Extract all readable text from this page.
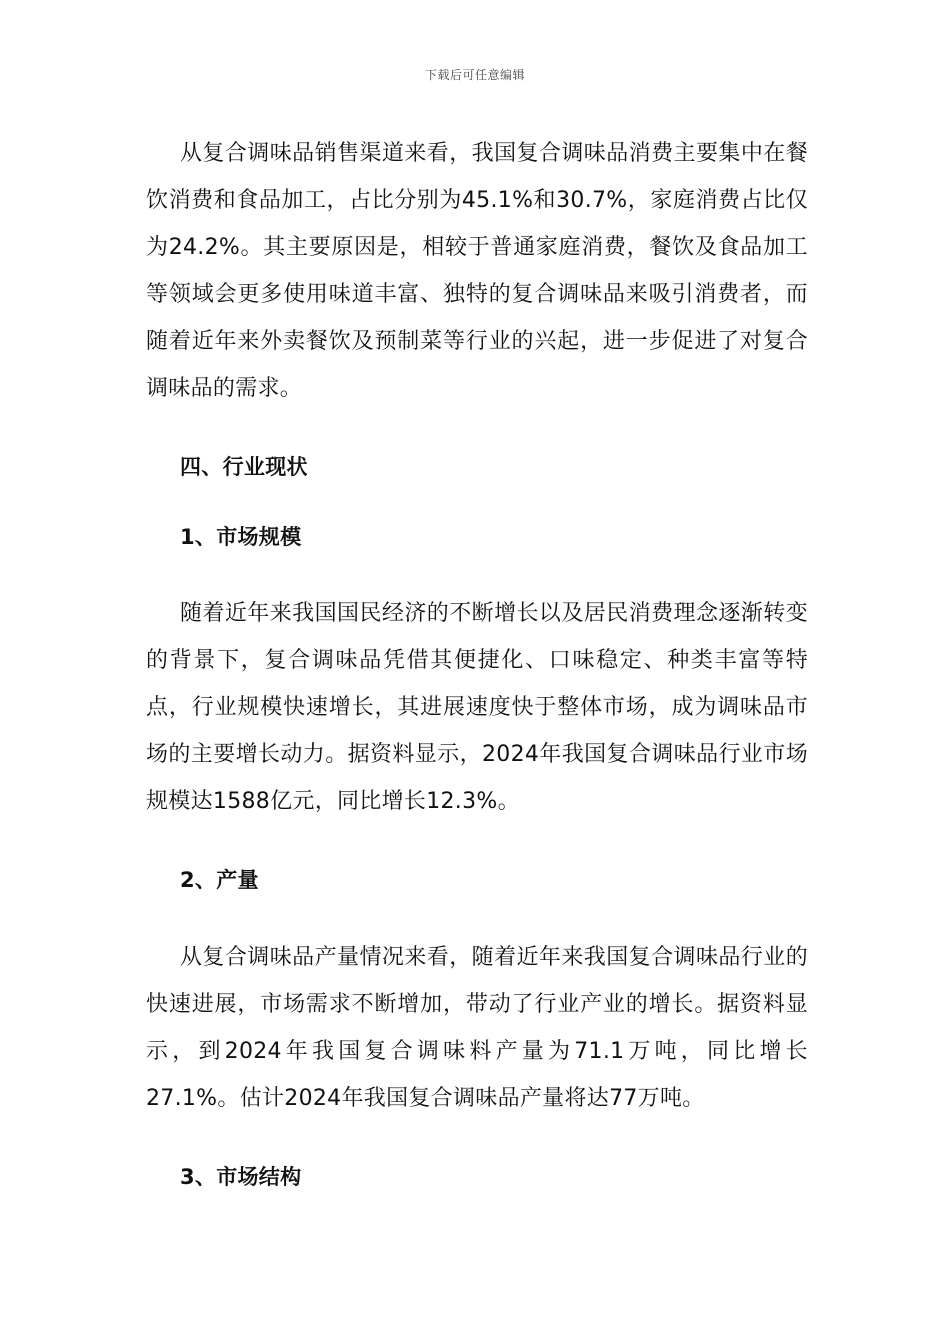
下载后可任意编辑

从复合调味品销售渠道来看，我国复合调味品消费主要集中在餐饮消费和食品加工，占比分别为45.1%和30.7%，家庭消费占比仅为24.2%。其主要原因是，相较于普通家庭消费，餐饮及食品加工等领域会更多使用味道丰富、独特的复合调味品来吸引消费者，而随着近年来外卖餐饮及预制菜等行业的兴起，进一步促进了对复合调味品的需求。

四、行业现状
1、市场规模

随着近年来我国国民经济的不断增长以及居民消费理念逐渐转变的背景下，复合调味品凭借其便捷化、口味稳定、种类丰富等特点，行业规模快速增长，其进展速度快于整体市场，成为调味品市场的主要增长动力。据资料显示，2024年我国复合调味品行业市场规模达1588亿元，同比增长12.3%。

2、产量

从复合调味品产量情况来看，随着近年来我国复合调味品行业的快速进展，市场需求不断增加，带动了行业产业的增长。据资料显示，到2024年我国复合调味料产量为71.1万吨，同比增长27.1%。估计2024年我国复合调味品产量将达77万吨。

3、市场结构
